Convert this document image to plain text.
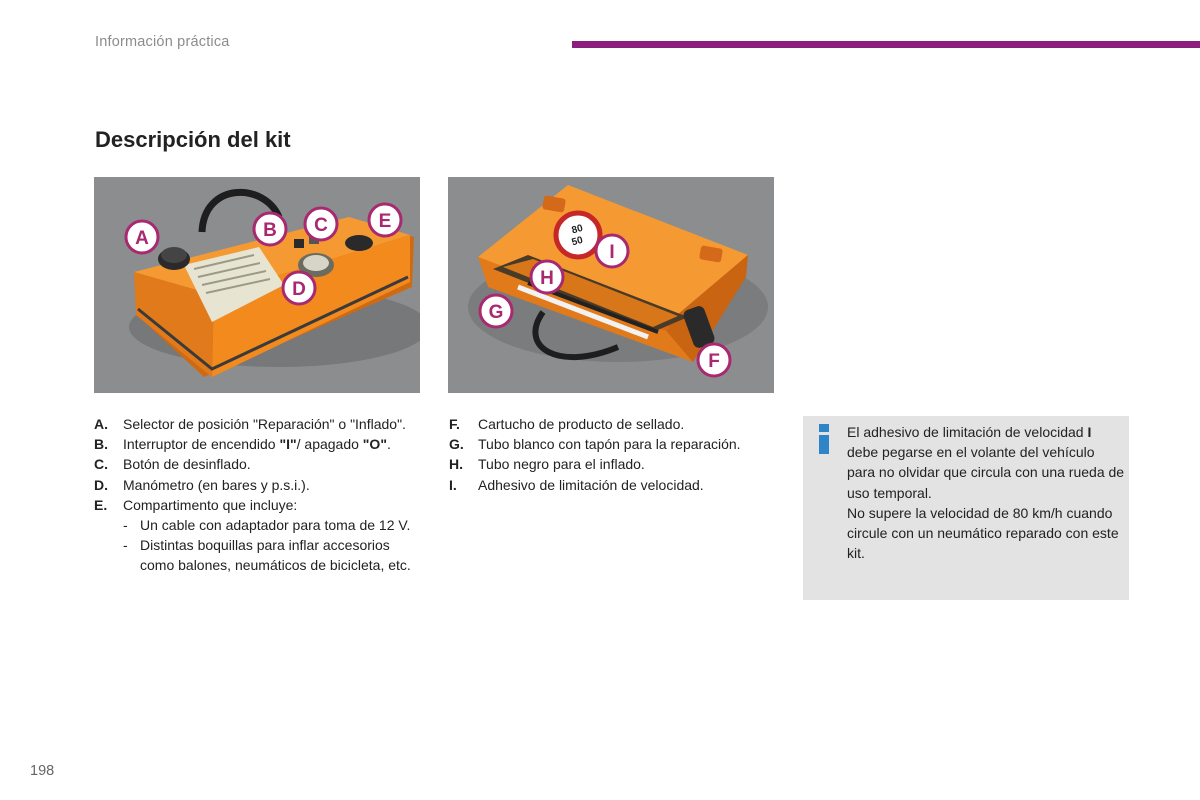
Información práctica
Descripción del kit
A	B C
D
E	80
50
F
G
H
I
A.	Selector de posición "Reparación" o "Inflado".
B.	Interruptor de encendido "I"/ apagado "O".
C.	Botón de desinflado.
D.	Manómetro (en bares y p.s.i.).
E.	Compartimento que incluye:
- Un cable con adaptador para toma de 12 V.
- Distintas boquillas para inflar accesorios como balones, neumáticos de bicicleta, etc.
F.	Cartucho de producto de sellado.
G.	Tubo blanco con tapón para la reparación.
H.	Tubo negro para el inflado.
I.	Adhesivo de limitación de velocidad.
El adhesivo de limitación de velocidad I debe pegarse en el volante del vehículo para no olvidar que circula con una rueda de uso temporal.
No supere la velocidad de 80 km/h cuando circule con un neumático reparado con este kit.
198
